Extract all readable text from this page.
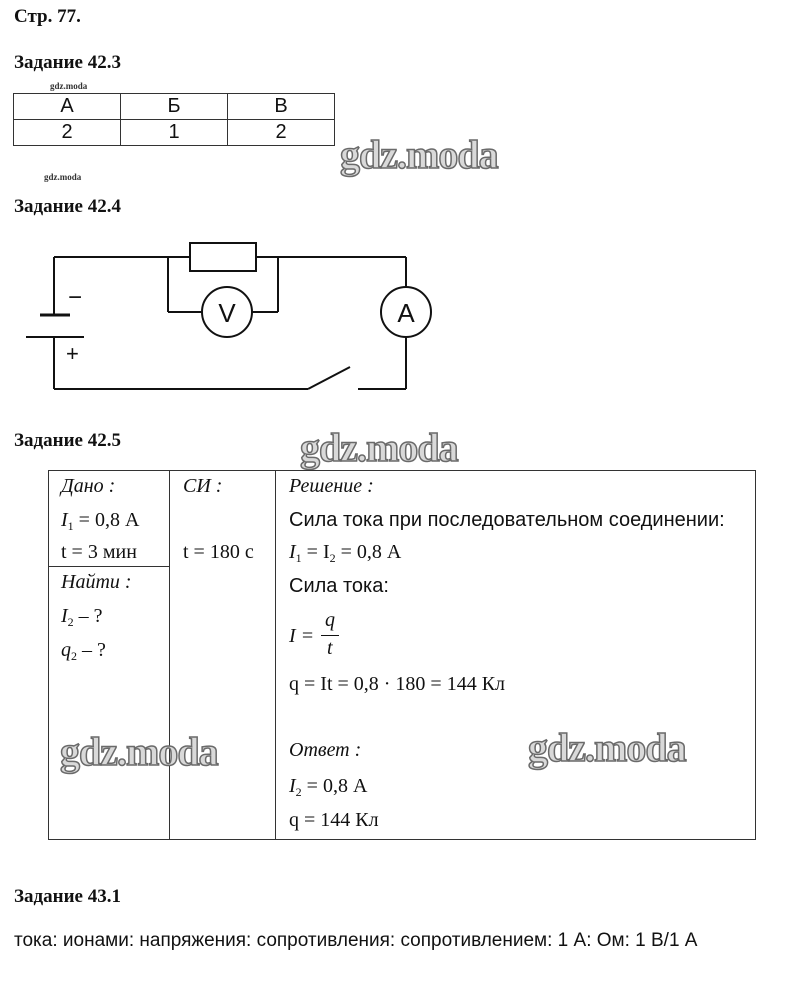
Стр. 77.
Задание 42.3
gdz.moda
А	Б	В
2	1	2 gdz.moda
gdz.moda
Задание 42.4
V	A
−
+
Задание 42.5	gdz.moda
Дано :
$I_1 = 0,8$ А
t = 3 мин
Найти :
$I_2$ – ?
$q_2$ – ?
СИ :
t = 180 с
Решение :
Сила тока при последовательном соединении:
$I_1 = I_2 = 0,8$ А
Сила тока:
I =
q
t
q = It = 0,8 · 180 = 144 Кл
Ответ :
$I_2 = 0,8$ А
q = 144 Кл
gdz.moda	gdz.moda
Задание 43.1
тока: ионами: напряжения: сопротивления: сопротивлением: 1 А: Ом: 1 В/1 А
